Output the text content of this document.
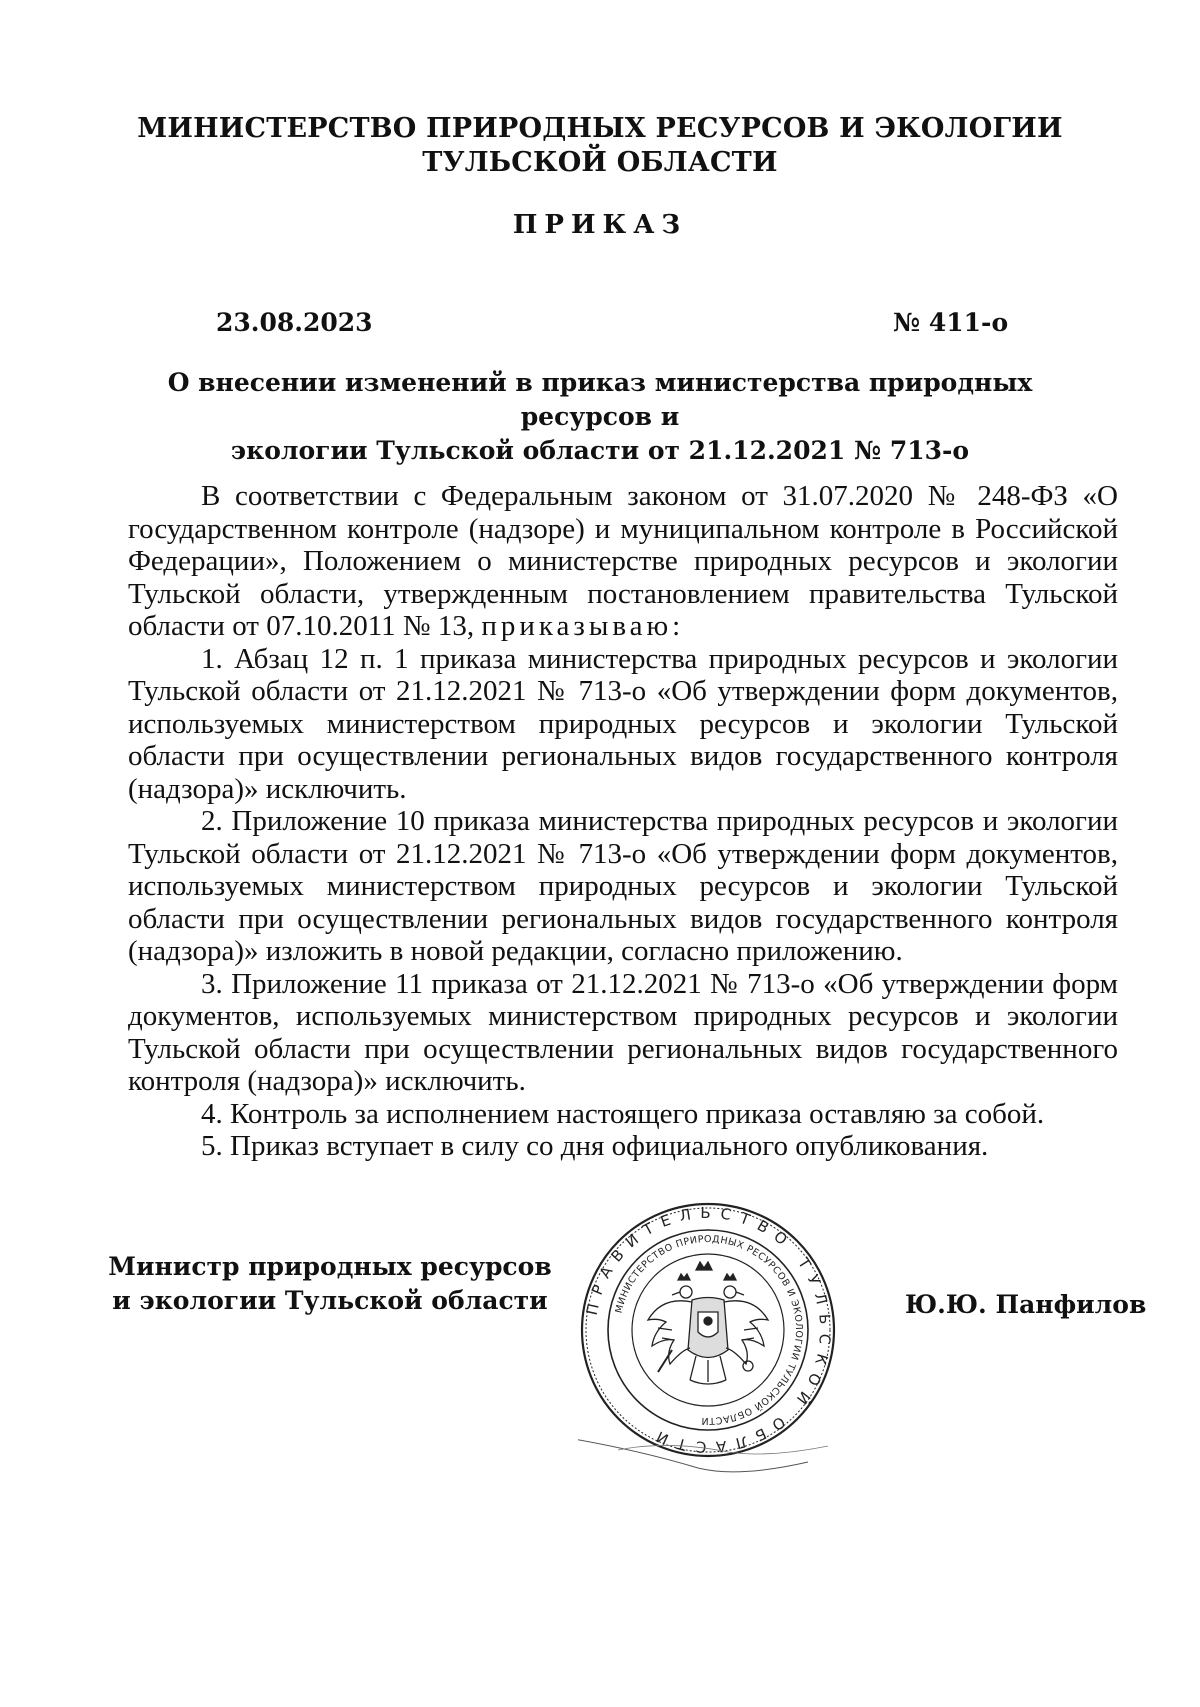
МИНИСТЕРСТВО ПРИРОДНЫХ РЕСУРСОВ И ЭКОЛОГИИ
ТУЛЬСКОЙ ОБЛАСТИ
ПРИКАЗ
23.08.2023	№ 411-о
О внесении изменений в приказ министерства природных ресурсов и
экологии Тульской области от 21.12.2021 № 713-о

В соответствии с Федеральным законом от 31.07.2020 № 248-ФЗ «О государственном контроле (надзоре) и муниципальном контроле в Российской Федерации», Положением о министерстве природных ресурсов и экологии Тульской области, утвержденным постановлением правительства Тульской области от 07.10.2011 № 13, приказываю:

1. Абзац 12 п. 1 приказа министерства природных ресурсов и экологии Тульской области от 21.12.2021 № 713-о «Об утверждении форм документов, используемых министерством природных ресурсов и экологии Тульской области при осуществлении региональных видов государственного контроля (надзора)» исключить.

2. Приложение 10 приказа министерства природных ресурсов и экологии Тульской области от 21.12.2021 № 713-о «Об утверждении форм документов, используемых министерством природных ресурсов и экологии Тульской области при осуществлении региональных видов государственного контроля (надзора)» изложить в новой редакции, согласно приложению.

3. Приложение 11 приказа от 21.12.2021 № 713-о «Об утверждении форм документов, используемых министерством природных ресурсов и экологии Тульской области при осуществлении региональных видов государственного контроля (надзора)» исключить.

4. Контроль за исполнением настоящего приказа оставляю за собой.

5. Приказ вступает в силу со дня официального опубликования.

Министр природных ресурсов
и экологии Тульской области	ПРАВИТЕЛЬСТВО ТУЛЬСКОЙ ОБЛАСТИ
МИНИСТЕРСТВО ПРИРОДНЫХ РЕСУРСОВ И ЭКОЛОГИИ ТУЛЬСКОЙ ОБЛАСТИ
Ю.Ю. Панфилов
